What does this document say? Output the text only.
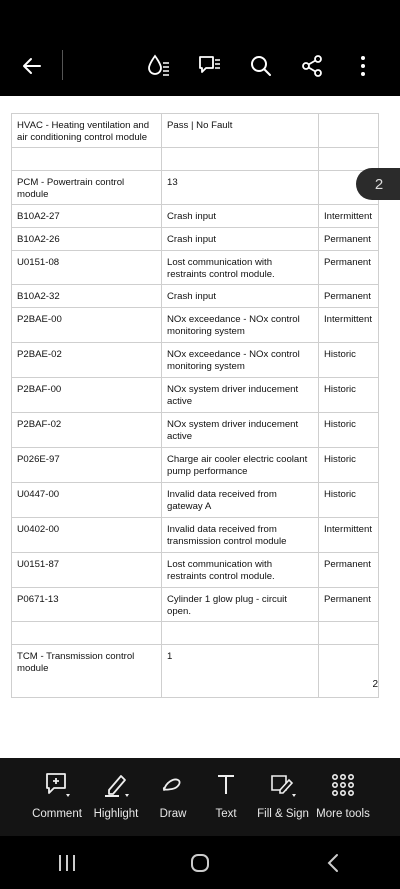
HVAC - Heating ventilation and air conditioning control module	Pass | No Fault	

PCM - Powertrain control module	13	
B10A2-27	Crash input	Intermittent
B10A2-26	Crash input	Permanent
U0151-08	Lost communication with restraints control module.	Permanent
B10A2-32	Crash input	Permanent
P2BAE-00	NOx exceedance - NOx control monitoring system	Intermittent
P2BAE-02	NOx exceedance - NOx control monitoring system	Historic
P2BAF-00	NOx system driver inducement active	Historic
P2BAF-02	NOx system driver inducement active	Historic
P026E-97	Charge air cooler electric coolant pump performance	Historic
U0447-00	Invalid data received from gateway A	Historic
U0402-00	Invalid data received from transmission control module	Intermittent
U0151-87	Lost communication with restraints control module.	Permanent
P0671-13	Cylinder 1 glow plug - circuit open.	Permanent

TCM - Transmission control module	1	
2
2
Comment Highlight Draw	Text Fill & Sign More tools
